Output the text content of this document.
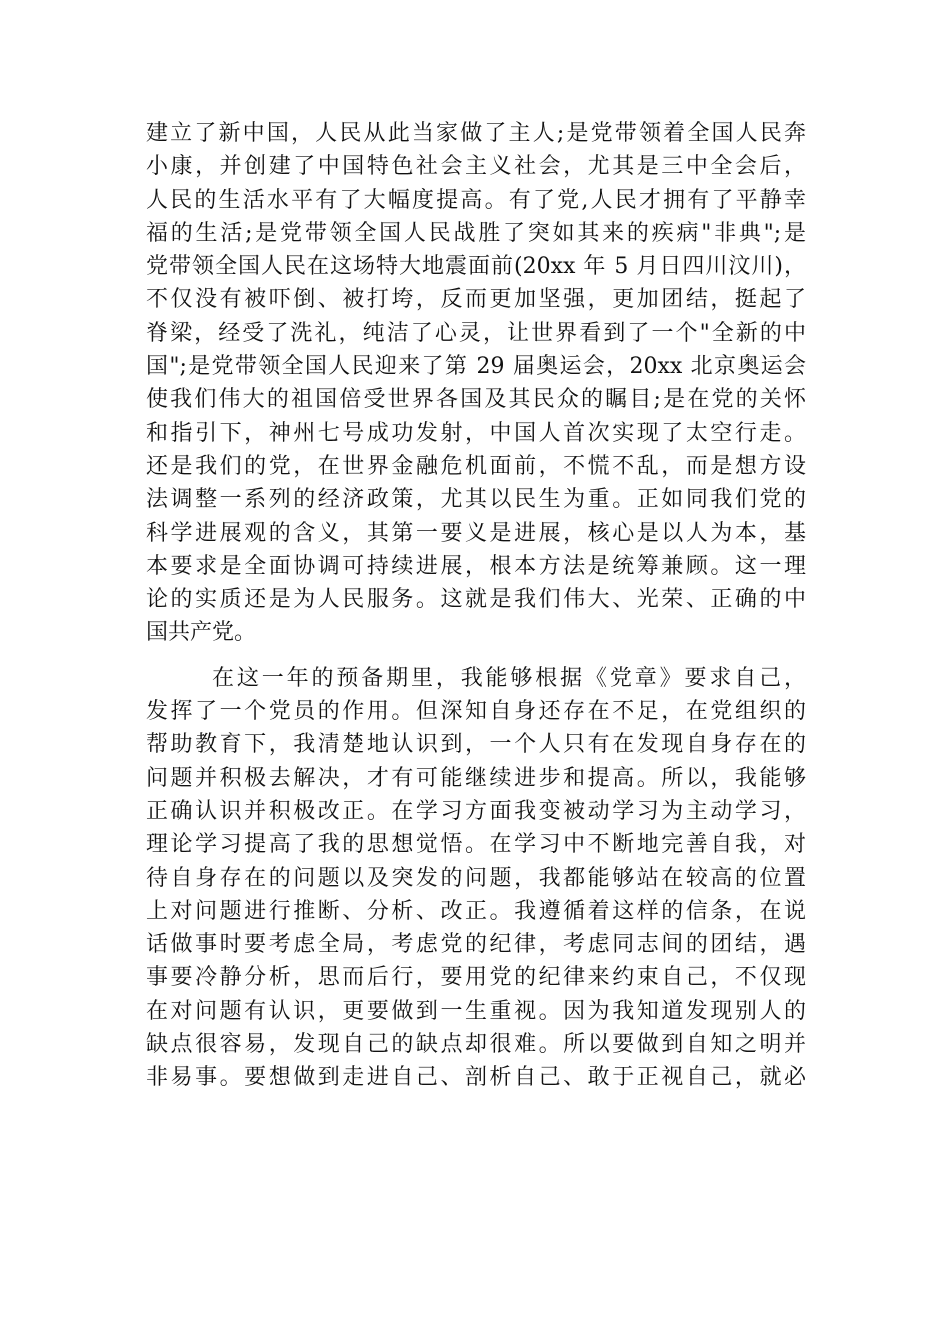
建立了新中国，人民从此当家做了主人;是党带领着全国人民奔
小康，并创建了中国特色社会主义社会，尤其是三中全会后，
人民的生活水平有了大幅度提高。有了党,人民才拥有了平静幸
福的生活;是党带领全国人民战胜了突如其来的疾病"非典";是
党带领全国人民在这场特大地震面前(20xx 年 5 月日四川汶川)，
不仅没有被吓倒、被打垮，反而更加坚强，更加团结，挺起了
脊梁，经受了洗礼，纯洁了心灵，让世界看到了一个"全新的中
国";是党带领全国人民迎来了第 29 届奥运会，20xx 北京奥运会
使我们伟大的祖国倍受世界各国及其民众的瞩目;是在党的关怀
和指引下，神州七号成功发射，中国人首次实现了太空行走。
还是我们的党，在世界金融危机面前，不慌不乱，而是想方设
法调整一系列的经济政策，尤其以民生为重。正如同我们党的
科学进展观的含义，其第一要义是进展，核心是以人为本，基
本要求是全面协调可持续进展，根本方法是统筹兼顾。这一理
论的实质还是为人民服务。这就是我们伟大、光荣、正确的中
国共产党。
在这一年的预备期里，我能够根据《党章》要求自己，
发挥了一个党员的作用。但深知自身还存在不足，在党组织的
帮助教育下，我清楚地认识到，一个人只有在发现自身存在的
问题并积极去解决，才有可能继续进步和提高。所以，我能够
正确认识并积极改正。在学习方面我变被动学习为主动学习，
理论学习提高了我的思想觉悟。在学习中不断地完善自我，对
待自身存在的问题以及突发的问题，我都能够站在较高的位置
上对问题进行推断、分析、改正。我遵循着这样的信条，在说
话做事时要考虑全局，考虑党的纪律，考虑同志间的团结，遇
事要冷静分析，思而后行，要用党的纪律来约束自己，不仅现
在对问题有认识，更要做到一生重视。因为我知道发现别人的
缺点很容易，发现自己的缺点却很难。所以要做到自知之明并
非易事。要想做到走进自己、剖析自己、敢于正视自己，就必
